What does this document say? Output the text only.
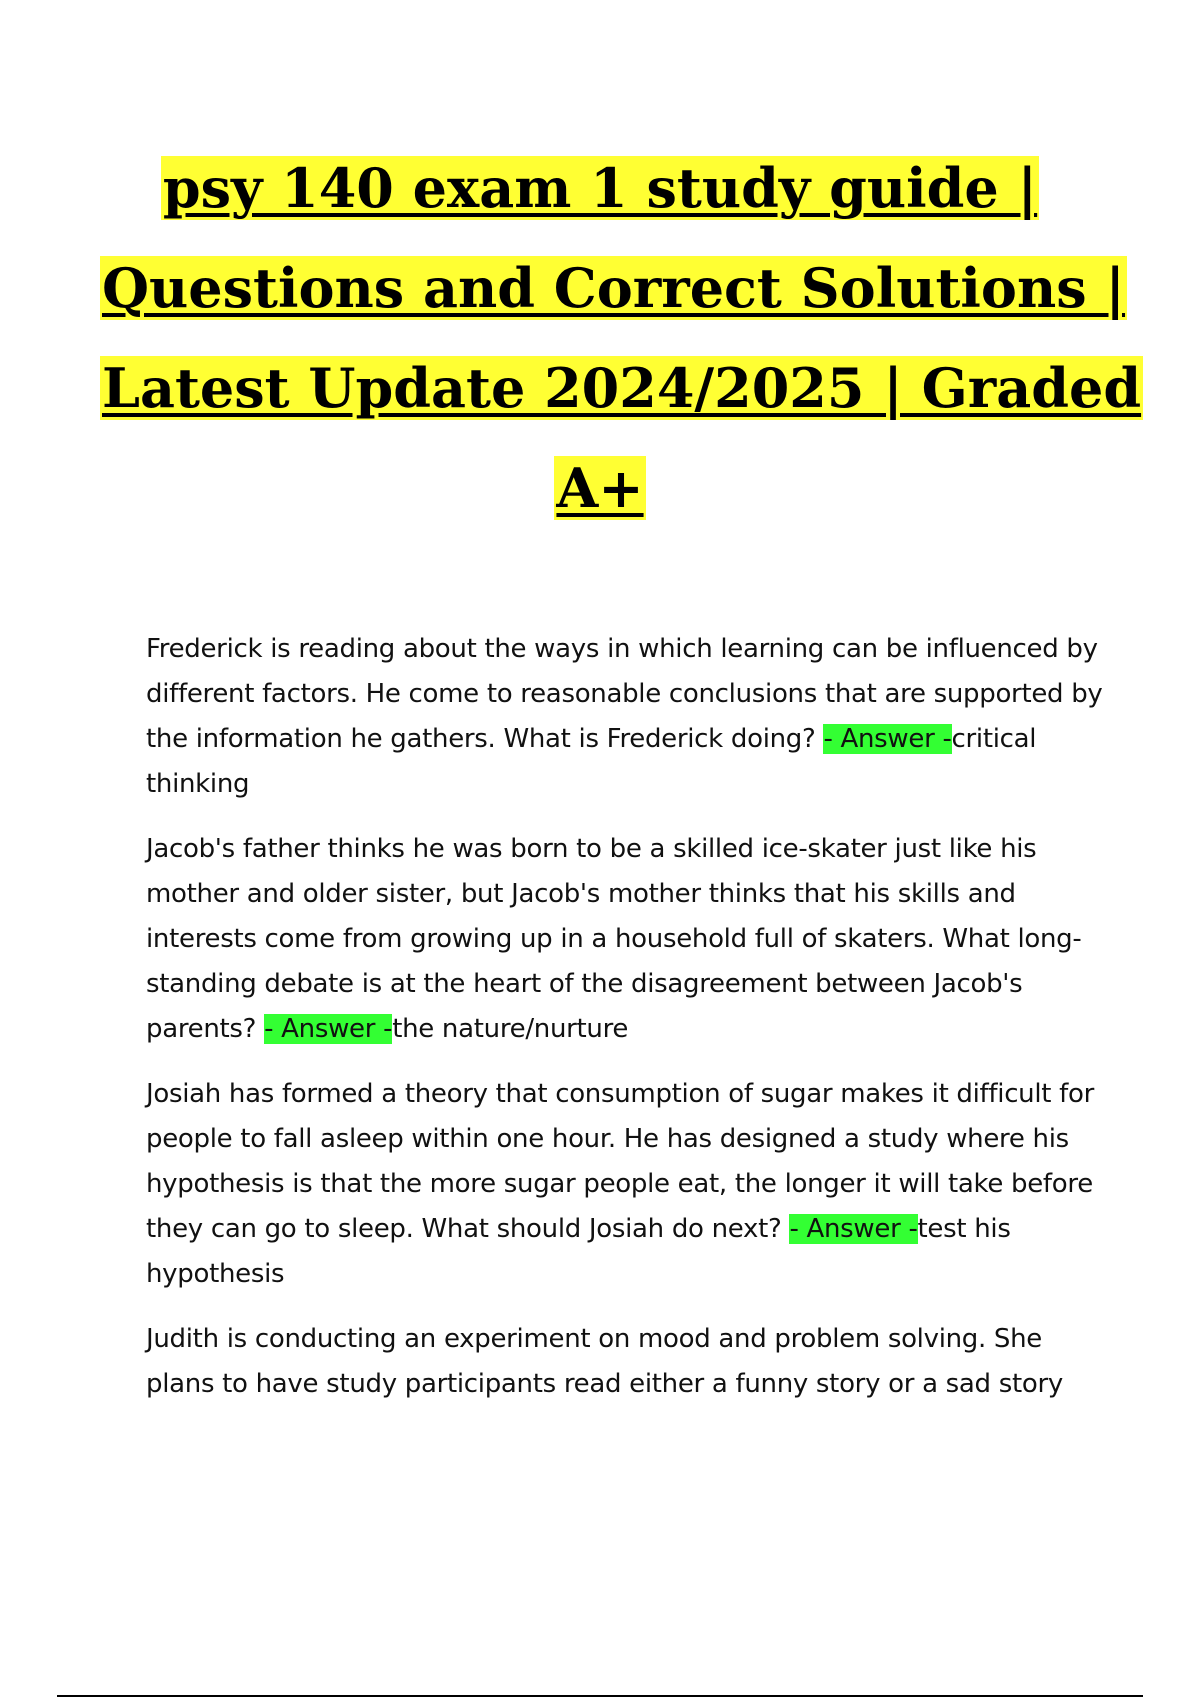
psy 140 exam 1 study guide |
Questions and Correct Solutions |
Latest Update 2024/2025 | Graded
A+

Frederick is reading about the ways in which learning can be influenced by different factors. He come to reasonable conclusions that are supported by the information he gathers. What is Frederick doing? - Answer -critical thinking

Jacob's father thinks he was born to be a skilled ice-skater just like his mother and older sister, but Jacob's mother thinks that his skills and interests come from growing up in a household full of skaters. What long-standing debate is at the heart of the disagreement between Jacob's parents? - Answer -the nature/nurture

Josiah has formed a theory that consumption of sugar makes it difficult for people to fall asleep within one hour. He has designed a study where his hypothesis is that the more sugar people eat, the longer it will take before they can go to sleep. What should Josiah do next? - Answer -test his hypothesis

Judith is conducting an experiment on mood and problem solving. She plans to have study participants read either a funny story or a sad story
